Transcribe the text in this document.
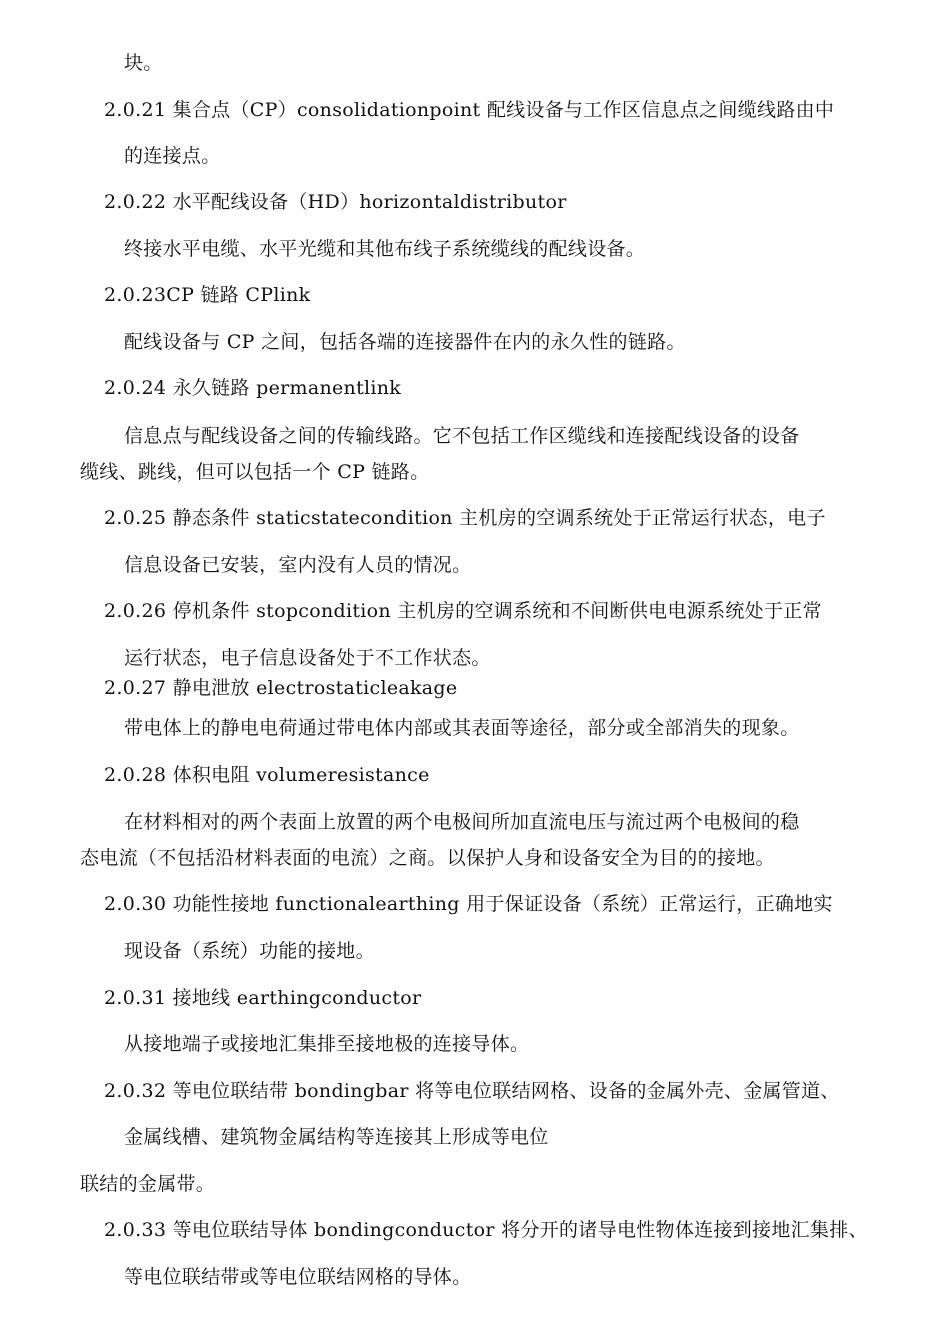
块。
2.0.21 集合点（CP）consolidationpoint 配线设备与工作区信息点之间缆线路由中
的连接点。
2.0.22 水平配线设备（HD）horizontaldistributor
终接水平电缆、水平光缆和其他布线子系统缆线的配线设备。
2.0.23CP 链路 CPlink
配线设备与 CP 之间，包括各端的连接器件在内的永久性的链路。
2.0.24 永久链路 permanentlink
信息点与配线设备之间的传输线路。它不包括工作区缆线和连接配线设备的设备
缆线、跳线，但可以包括一个 CP 链路。
2.0.25 静态条件 staticstatecondition 主机房的空调系统处于正常运行状态，电子
信息设备已安装，室内没有人员的情况。
2.0.26 停机条件 stopcondition 主机房的空调系统和不间断供电电源系统处于正常
运行状态，电子信息设备处于不工作状态。
2.0.27 静电泄放 electrostaticleakage
带电体上的静电电荷通过带电体内部或其表面等途径，部分或全部消失的现象。
2.0.28 体积电阻 volumeresistance
在材料相对的两个表面上放置的两个电极间所加直流电压与流过两个电极间的稳
态电流（不包括沿材料表面的电流）之商。以保护人身和设备安全为目的的接地。
2.0.30 功能性接地 functionalearthing 用于保证设备（系统）正常运行，正确地实
现设备（系统）功能的接地。
2.0.31 接地线 earthingconductor
从接地端子或接地汇集排至接地极的连接导体。
2.0.32 等电位联结带 bondingbar 将等电位联结网格、设备的金属外壳、金属管道、
金属线槽、建筑物金属结构等连接其上形成等电位
联结的金属带。
2.0.33 等电位联结导体 bondingconductor 将分开的诸导电性物体连接到接地汇集排、
等电位联结带或等电位联结网格的导体。
